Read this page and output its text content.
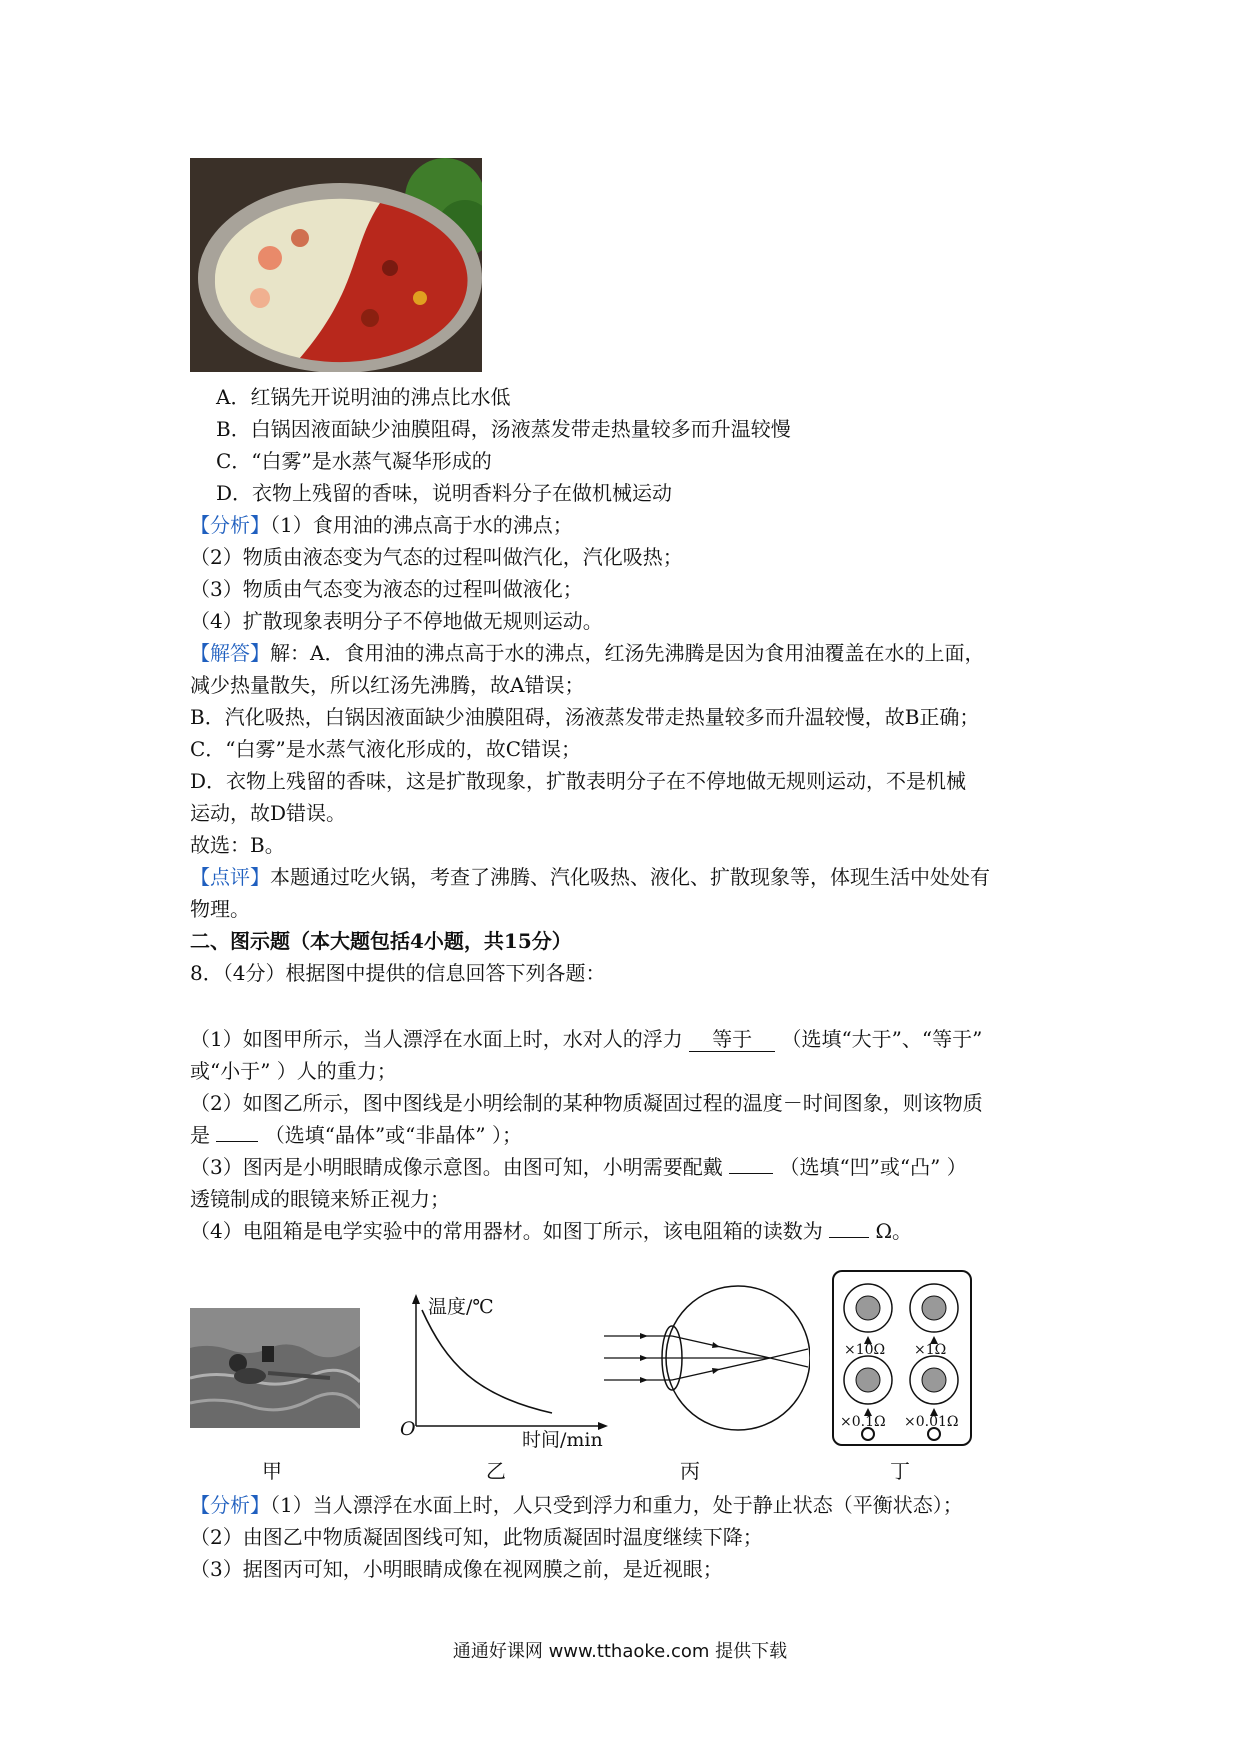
A．红锅先开说明油的沸点比水低
B．白锅因液面缺少油膜阻碍，汤液蒸发带走热量较多而升温较慢
C．“白雾”是水蒸气凝华形成的
D．衣物上残留的香味，说明香料分子在做机械运动
【分析】（1）食用油的沸点高于水的沸点；
（2）物质由液态变为气态的过程叫做汽化，汽化吸热；
（3）物质由气态变为液态的过程叫做液化；
（4）扩散现象表明分子不停地做无规则运动。
【解答】解：A．食用油的沸点高于水的沸点，红汤先沸腾是因为食用油覆盖在水的上面，
减少热量散失，所以红汤先沸腾，故A错误；
B．汽化吸热，白锅因液面缺少油膜阻碍，汤液蒸发带走热量较多而升温较慢，故B正确；
C．“白雾”是水蒸气液化形成的，故C错误；
D．衣物上残留的香味，这是扩散现象，扩散表明分子在不停地做无规则运动，不是机械
运动，故D错误。
故选：B。
【点评】本题通过吃火锅，考查了沸腾、汽化吸热、液化、扩散现象等，体现生活中处处有
物理。
二、图示题（本大题包括4小题，共15分）
8．（4分）根据图中提供的信息回答下列各题：
（1）如图甲所示，当人漂浮在水面上时，水对人的浮力 等于 （选填“大于”、“等于”
或“小于” ）人的重力；
（2）如图乙所示，图中图线是小明绘制的某种物质凝固过程的温度－时间图象，则该物质
是	（选填“晶体”或“非晶体” ）；
（3）图丙是小明眼睛成像示意图。由图可知，小明需要配戴	（选填“凹”或“凸” ）
透镜制成的眼镜来矫正视力；
（4）电阻箱是电学实验中的常用器材。如图丁所示，该电阻箱的读数为	Ω。
温度/℃
O	时间/min
×10Ω ×1Ω
×0.1Ω ×0.01Ω
甲	乙	丙	丁
【分析】（1）当人漂浮在水面上时，人只受到浮力和重力，处于静止状态（平衡状态）；
（2）由图乙中物质凝固图线可知，此物质凝固时温度继续下降；
（3）据图丙可知，小明眼睛成像在视网膜之前，是近视眼；
通通好课网 www.tthaoke.com 提供下载
